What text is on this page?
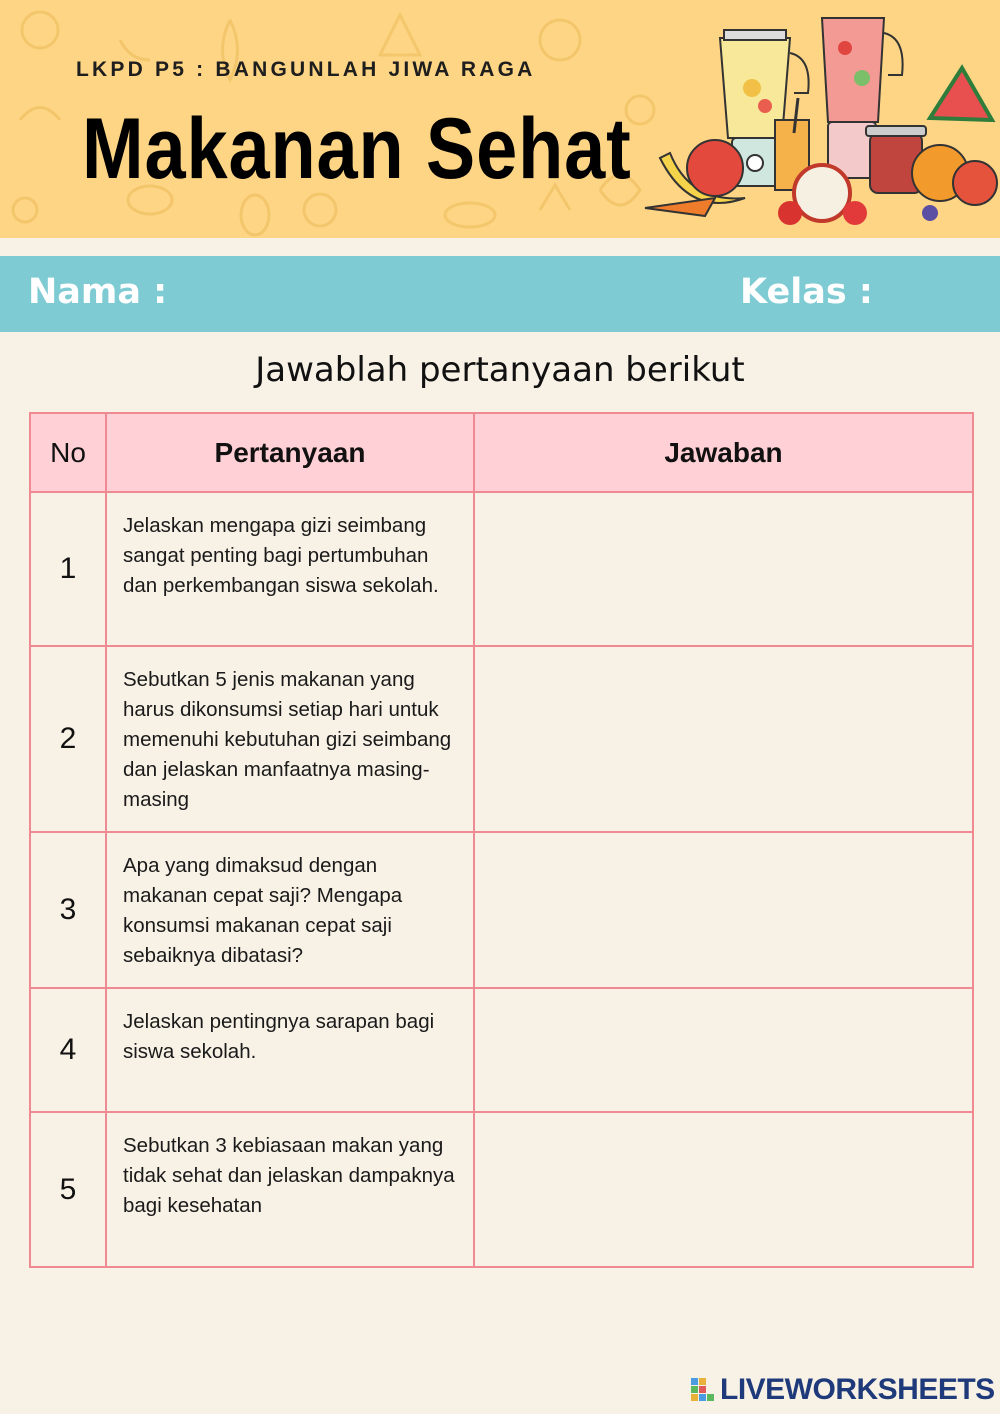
LKPD P5 : BANGUNLAH JIWA RAGA
Makanan Sehat
Nama :	Kelas :
Jawablah pertanyaan berikut
No	Pertanyaan	Jawaban
1	Jelaskan mengapa gizi seimbang sangat penting bagi pertumbuhan dan perkembangan siswa sekolah.	
2	Sebutkan 5 jenis makanan yang harus dikonsumsi setiap hari untuk memenuhi kebutuhan gizi seimbang dan jelaskan manfaatnya masing-masing	
3	Apa yang dimaksud dengan makanan cepat saji? Mengapa konsumsi makanan cepat saji sebaiknya dibatasi?	
4	Jelaskan pentingnya sarapan bagi siswa sekolah.	
5	Sebutkan 3 kebiasaan makan yang tidak sehat dan jelaskan dampaknya bagi kesehatan	
LIVEWORKSHEETS
